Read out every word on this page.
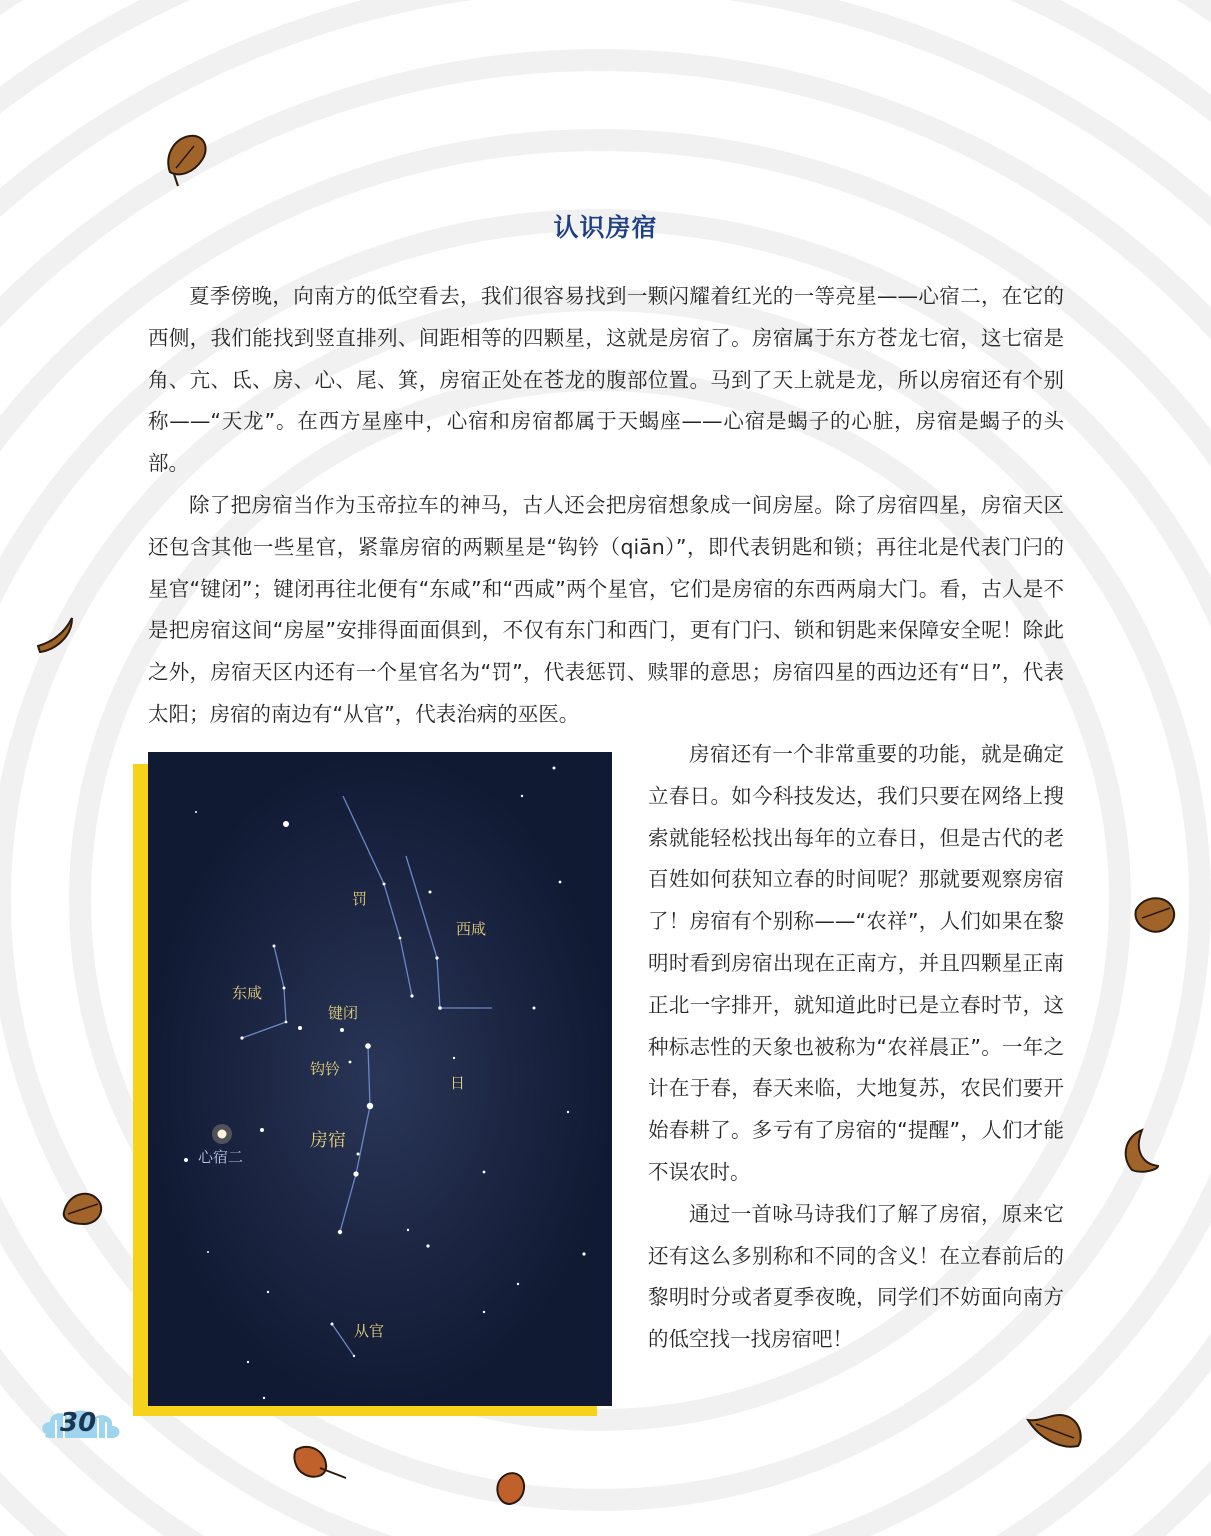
认识房宿

夏季傍晚，向南方的低空看去，我们很容易找到一颗闪耀着红光的一等亮星——心宿二，在它的西侧，我们能找到竖直排列、间距相等的四颗星，这就是房宿了。房宿属于东方苍龙七宿，这七宿是角、亢、氐、房、心、尾、箕，房宿正处在苍龙的腹部位置。马到了天上就是龙，所以房宿还有个别称——“天龙”。在西方星座中，心宿和房宿都属于天蝎座——心宿是蝎子的心脏，房宿是蝎子的头部。

除了把房宿当作为玉帝拉车的神马，古人还会把房宿想象成一间房屋。除了房宿四星，房宿天区还包含其他一些星官，紧靠房宿的两颗星是“钩钤（qiān）”，即代表钥匙和锁；再往北是代表门闩的星官“键闭”；键闭再往北便有“东咸”和“西咸”两个星官，它们是房宿的东西两扇大门。看，古人是不是把房宿这间“房屋”安排得面面俱到，不仅有东门和西门，更有门闩、锁和钥匙来保障安全呢！除此之外，房宿天区内还有一个星官名为“罚”，代表惩罚、赎罪的意思；房宿四星的西边还有“日”，代表太阳；房宿的南边有“从官”，代表治病的巫医。

罚
西咸
东咸
键闭
钩钤
日
房宿
从官
心宿二

房宿还有一个非常重要的功能，就是确定立春日。如今科技发达，我们只要在网络上搜索就能轻松找出每年的立春日，但是古代的老百姓如何获知立春的时间呢？那就要观察房宿了！房宿有个别称——“农祥”，人们如果在黎明时看到房宿出现在正南方，并且四颗星正南正北一字排开，就知道此时已是立春时节，这种标志性的天象也被称为“农祥晨正”。一年之计在于春，春天来临，大地复苏，农民们要开始春耕了。多亏有了房宿的“提醒”，人们才能不误农时。

通过一首咏马诗我们了解了房宿，原来它还有这么多别称和不同的含义！在立春前后的黎明时分或者夏季夜晚，同学们不妨面向南方的低空找一找房宿吧！

30
